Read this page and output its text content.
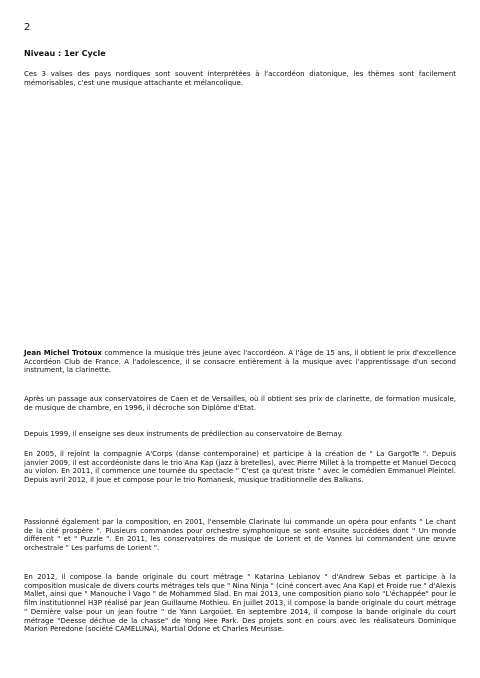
2
Niveau : 1er Cycle

Ces 3 valses des pays nordiques sont souvent interprétées à l'accordéon diatonique, les thèmes sont facilement mémorisables, c'est une musique attachante et mélancolique.

Jean Michel Trotoux commence la musique très jeune avec l'accordéon. A l'âge de 15 ans, il obtient le prix d'excellence Accordéon Club de France. A l'adolescence, il se consacre entièrement à la musique avec l'apprentissage d'un second instrument, la clarinette.

Après un passage aux conservatoires de Caen et de Versailles, où il obtient ses prix de clarinette, de formation musicale, de musique de chambre, en 1996, il décroche son Diplôme d'Etat.

Depuis 1999, il enseigne ses deux instruments de prédilection au conservatoire de Bernay.

En 2005, il rejoint la compagnie A'Corps (danse contemporaine) et participe à la création de " La GargotTe ". Depuis janvier 2009, il est accordéoniste dans le trio Ana Kap (jazz à bretelles), avec Pierre Millet à la trompette et Manuel Decocq au violon. En 2011, il commence une tournée du spectacle " C'est ça qu'est triste " avec le comédien Emmanuel Pleintel. Depuis avril 2012, il joue et compose pour le trio Romanesk, musique traditionnelle des Balkans.

Passionné également par la composition, en 2001, l'ensemble Clarinate lui commande un opéra pour enfants " Le chant de la cité prospère ". Plusieurs commandes pour orchestre symphonique se sont ensuite succédées dont " Un monde différent " et " Puzzle ". En 2011, les conservatoires de musique de Lorient et de Vannes lui commandent une œuvre orchestrale " Les parfums de Lorient ".

En 2012, il compose la bande originale du court métrage " Katarina Lebianov " d'Andrew Sebas et participe à la composition musicale de divers courts métrages tels que " Nina Ninja " (ciné concert avec Ana Kap) et Froide rue " d'Alexis Mallet, ainsi que " Manouche l Vago " de Mohammed Slad. En mai 2013, une composition piano solo "L'échappée" pour le film institutionnel H3P réalisé par Jean Guillaume Mothieu. En juillet 2013, il compose la bande originale du court métrage " Dernière valse pour un jean foutre " de Yann Largoüet. En septembre 2014, il compose la bande originale du court métrage "Deesse déchue de la chasse" de Yong Hee Park. Des projets sont en cours avec les réalisateurs Dominique Marion Peredone (société CAMELUNA), Martial Odone et Charles Meurisse.
